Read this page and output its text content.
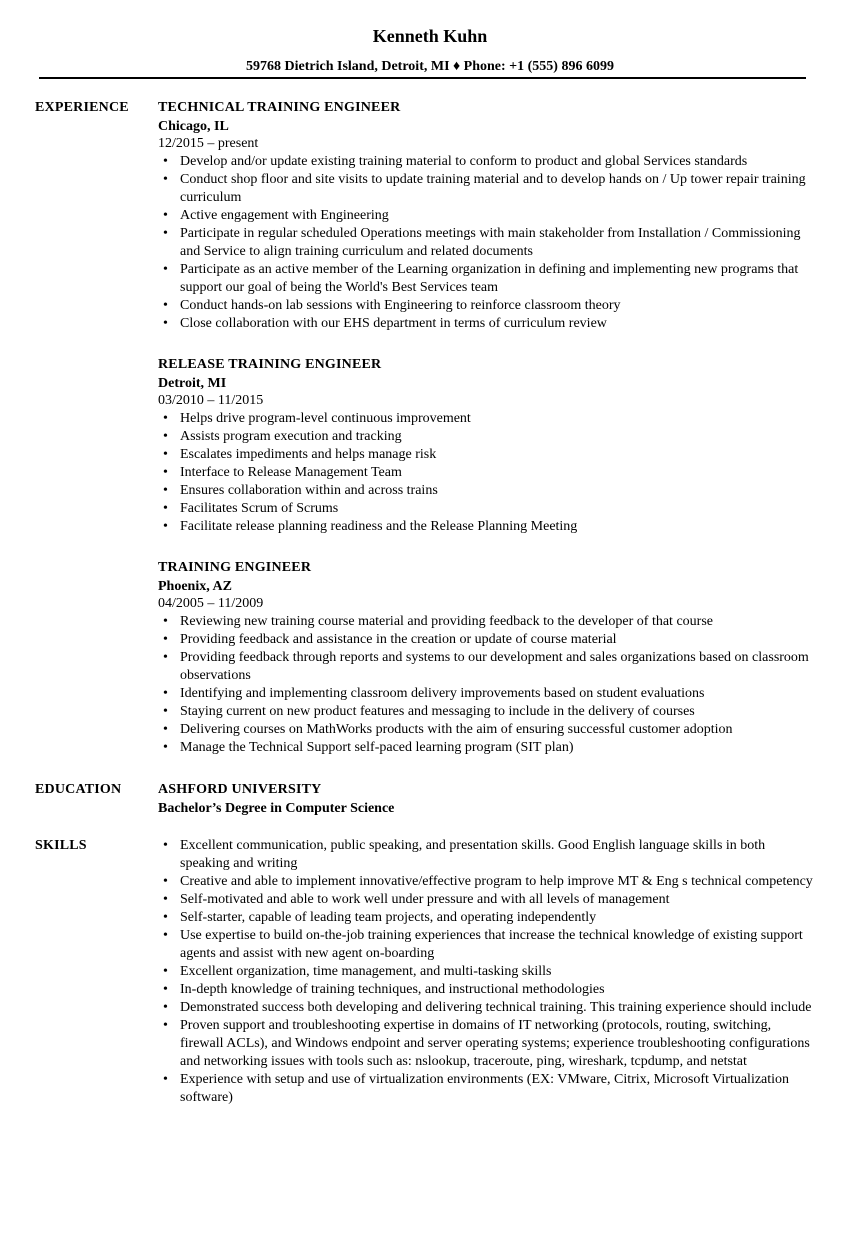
Kenneth Kuhn
59768 Dietrich Island, Detroit, MI ♦ Phone: +1 (555) 896 6099
EXPERIENCE TECHNICAL TRAINING ENGINEER
Chicago, IL
12/2015 – present
• Develop and/or update existing training material to conform to product and global Services standards
• Conduct shop floor and site visits to update training material and to develop hands on / Up tower repair training curriculum
• Active engagement with Engineering
• Participate in regular scheduled Operations meetings with main stakeholder from Installation / Commissioning and Service to align training curriculum and related documents
• Participate as an active member of the Learning organization in defining and implementing new programs that support our goal of being the World's Best Services team
• Conduct hands-on lab sessions with Engineering to reinforce classroom theory
• Close collaboration with our EHS department in terms of curriculum review
RELEASE TRAINING ENGINEER
Detroit, MI
03/2010 – 11/2015
• Helps drive program-level continuous improvement
• Assists program execution and tracking
• Escalates impediments and helps manage risk
• Interface to Release Management Team
• Ensures collaboration within and across trains
• Facilitates Scrum of Scrums
• Facilitate release planning readiness and the Release Planning Meeting
TRAINING ENGINEER
Phoenix, AZ
04/2005 – 11/2009
• Reviewing new training course material and providing feedback to the developer of that course
• Providing feedback and assistance in the creation or update of course material
• Providing feedback through reports and systems to our development and sales organizations based on classroom observations
• Identifying and implementing classroom delivery improvements based on student evaluations
• Staying current on new product features and messaging to include in the delivery of courses
• Delivering courses on MathWorks products with the aim of ensuring successful customer adoption
• Manage the Technical Support self-paced learning program (SIT plan)
EDUCATION	ASHFORD UNIVERSITY
Bachelor’s Degree in Computer Science
SKILLS	• Excellent communication, public speaking, and presentation skills. Good English language skills in both speaking and writing
• Creative and able to implement innovative/effective program to help improve MT & Eng s technical competency
• Self-motivated and able to work well under pressure and with all levels of management
• Self-starter, capable of leading team projects, and operating independently
• Use expertise to build on-the-job training experiences that increase the technical knowledge of existing support agents and assist with new agent on-boarding
• Excellent organization, time management, and multi-tasking skills
• In-depth knowledge of training techniques, and instructional methodologies
• Demonstrated success both developing and delivering technical training. This training experience should include
• Proven support and troubleshooting expertise in domains of IT networking (protocols, routing, switching, firewall ACLs), and Windows endpoint and server operating systems; experience troubleshooting configurations and networking issues with tools such as: nslookup, traceroute, ping, wireshark, tcpdump, and netstat
• Experience with setup and use of virtualization environments (EX: VMware, Citrix, Microsoft Virtualization software)
